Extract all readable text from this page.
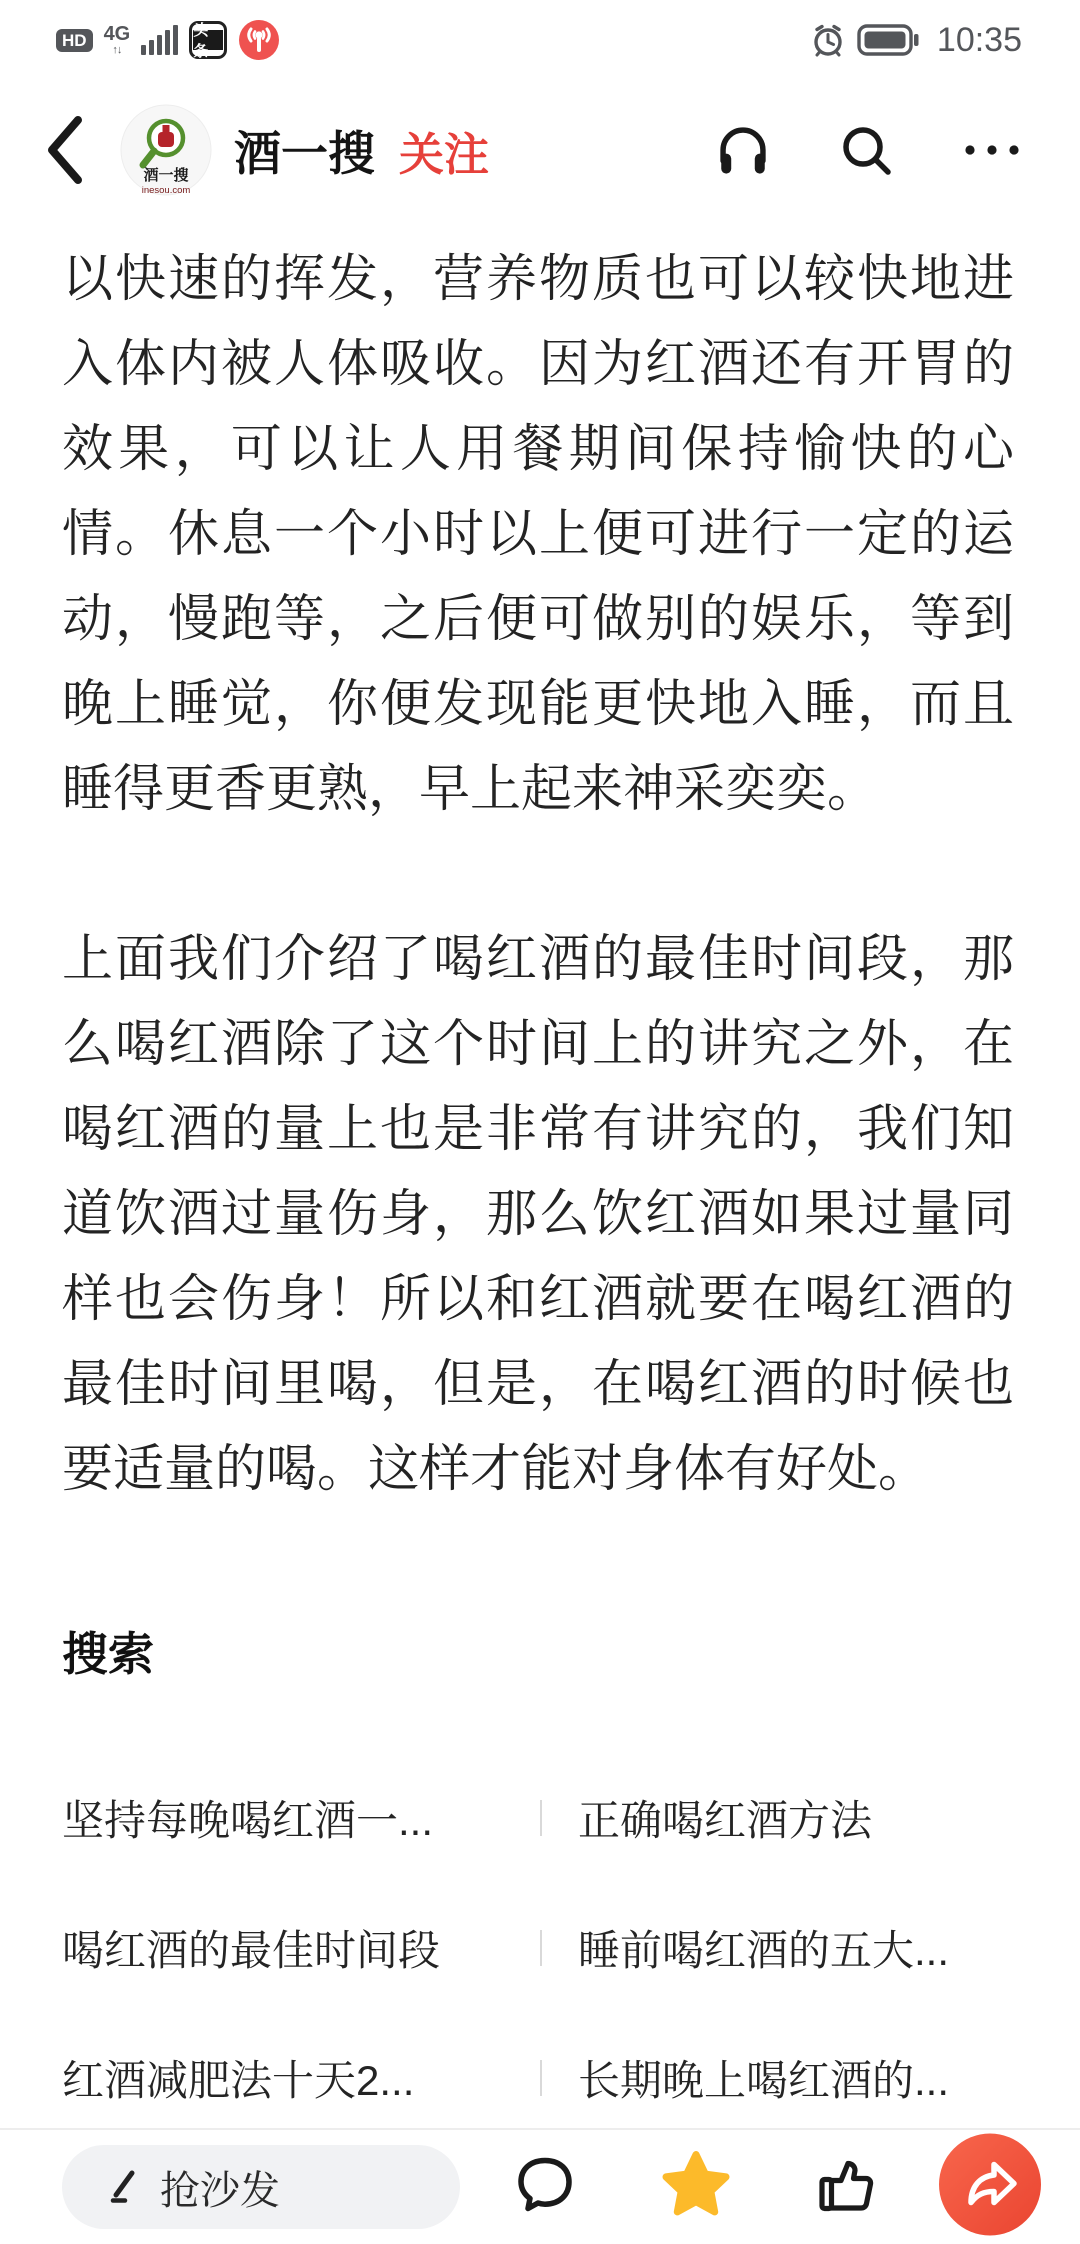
HD 4G
↑↓
头条	10:35
酒一搜
inesou.com
酒一搜 关注

以快速的挥发，营养物质也可以较快地进入体内被人体吸收。因为红酒还有开胃的效果，可以让人用餐期间保持愉快的心情。休息一个小时以上便可进行一定的运动，慢跑等，之后便可做别的娱乐，等到晚上睡觉，你便发现能更快地入睡，而且睡得更香更熟，早上起来神采奕奕。

上面我们介绍了喝红酒的最佳时间段，那么喝红酒除了这个时间上的讲究之外，在喝红酒的量上也是非常有讲究的，我们知道饮酒过量伤身，那么饮红酒如果过量同样也会伤身！所以和红酒就要在喝红酒的最佳时间里喝，但是，在喝红酒的时候也要适量的喝。这样才能对身体有好处。

搜索
坚持每晚喝红酒一...	正确喝红酒方法
喝红酒的最佳时间段	睡前喝红酒的五大...
红酒减肥法十天2...	长期晚上喝红酒的...
抢沙发
